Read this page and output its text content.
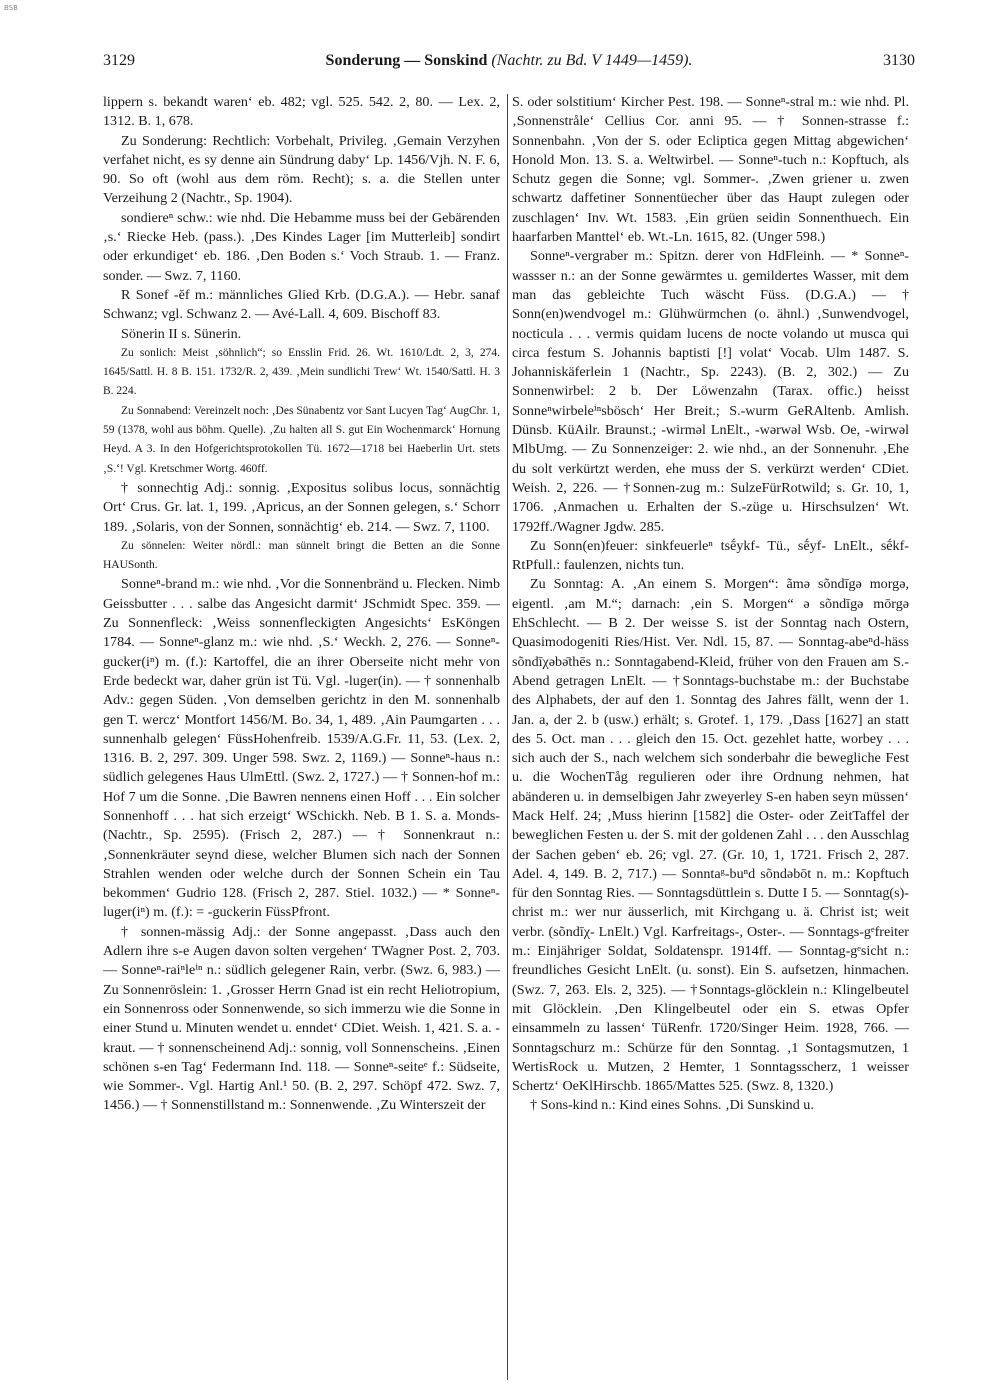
BSB
3129	Sonderung — Sonskind (Nachtr. zu Bd. V 1449—1459).	3130

lippern s. bekandt waren‘ eb. 482; vgl. 525. 542. 2, 80. — Lex. 2, 1312. B. 1, 678.

Zu Sonderung: Rechtlich: Vorbehalt, Privileg. ‚Gemain Verzyhen verfahet nicht, es sy denne ain Sündrung daby‘ Lp. 1456/Vjh. N. F. 6, 90. So oft (wohl aus dem röm. Recht); s. a. die Stellen unter Verzeihung 2 (Nachtr., Sp. 1904).

sondiereⁿ schw.: wie nhd. Die Hebamme muss bei der Gebärenden ‚s.‘ Riecke Heb. (pass.). ‚Des Kindes Lager [im Mutterleib] sondirt oder erkundiget‘ eb. 186. ‚Den Boden s.‘ Voch Straub. 1. — Franz. sonder. — Swz. 7, 1160.

R Sonef -ĕf m.: männliches Glied Krb. (D.G.A.). — Hebr. sanaf Schwanz; vgl. Schwanz 2. — Avé-Lall. 4, 609. Bischoff 83.

Sönerin II s. Sünerin.

Zu sonlich: Meist ‚söhnlich“; so Ensslin Frid. 26. Wt. 1610/Ldt. 2, 3, 274. 1645/Sattl. H. 8 B. 151. 1732/R. 2, 439. ‚Mein sundlichi Trew‘ Wt. 1540/Sattl. H. 3 B. 224.

Zu Sonnabend: Vereinzelt noch: ‚Des Sünabentz vor Sant Lucyen Tag‘ AugChr. 1, 59 (1378, wohl aus böhm. Quelle). ‚Zu halten all S. gut Ein Wochenmarck‘ Hornung Heyd. A 3. In den Hofgerichtsprotokollen Tü. 1672—1718 bei Haeberlin Urt. stets ‚S.‘! Vgl. Kretschmer Wortg. 460ff.

† sonnechtig Adj.: sonnig. ‚Expositus solibus locus, sonnächtig Ort‘ Crus. Gr. lat. 1, 199. ‚Apricus, an der Sonnen gelegen, s.‘ Schorr 189. ‚Solaris, von der Sonnen, sonnächtig‘ eb. 214. — Swz. 7, 1100.

Zu sönnelen: Weiter nördl.: man sünnelt bringt die Betten an die Sonne HAUSonth.

Sonneⁿ-brand m.: wie nhd. ‚Vor die Sonnenbränd u. Flecken. Nimb Geissbutter . . . salbe das Angesicht darmit‘ JSchmidt Spec. 359. — Zu Sonnenfleck: ‚Weiss sonnenfleckigten Angesichts‘ EsKöngen 1784. — Sonneⁿ-glanz m.: wie nhd. ‚S.‘ Weckh. 2, 276. — Sonneⁿ-gucker(iⁿ) m. (f.): Kartoffel, die an ihrer Oberseite nicht mehr von Erde bedeckt war, daher grün ist Tü. Vgl. -luger(in). — † sonnenhalb Adv.: gegen Süden. ‚Von demselben gerichtz in den M. sonnenhalb gen T. wercz‘ Montfort 1456/M. Bo. 34, 1, 489. ‚Ain Paumgarten . . . sunnenhalb gelegen‘ FüssHohenfreib. 1539/A.G.Fr. 11, 53. (Lex. 2, 1316. B. 2, 297. 309. Unger 598. Swz. 2, 1169.) — Sonneⁿ-haus n.: südlich gelegenes Haus UlmEttl. (Swz. 2, 1727.) — † Sonnen-hof m.: Hof 7 um die Sonne. ‚Die Bawren nennens einen Hoff . . . Ein solcher Sonnenhoff . . . hat sich erzeigt‘ WSchickh. Neb. B 1. S. a. Monds- (Nachtr., Sp. 2595). (Frisch 2, 287.) — † Sonnenkraut n.: ‚Sonnenkräuter seynd diese, welcher Blumen sich nach der Sonnen Strahlen wenden oder welche durch der Sonnen Schein ein Tau bekommen‘ Gudrio 128. (Frisch 2, 287. Stiel. 1032.) — * Sonneⁿ-luger(iⁿ) m. (f.): = -guckerin FüssPfront.

† sonnen-mässig Adj.: der Sonne angepasst. ‚Dass auch den Adlern ihre s-e Augen davon solten vergehen‘ TWagner Post. 2, 703. — Sonneⁿ-raiⁿleⁱⁿ n.: südlich gelegener Rain, verbr. (Swz. 6, 983.) — Zu Sonnenröslein: 1. ‚Grosser Herrn Gnad ist ein recht Heliotropium, ein Sonnenross oder Sonnenwende, so sich immerzu wie die Sonne in einer Stund u. Minuten wendet u. enndet‘ CDiet. Weish. 1, 421. S. a. -kraut. — † sonnenscheinend Adj.: sonnig, voll Sonnenscheins. ‚Einen schönen s-en Tag‘ Federmann Ind. 118. — Sonneⁿ-seiteᵉ f.: Südseite, wie Sommer-. Vgl. Hartig Anl.¹ 50. (B. 2, 297. Schöpf 472. Swz. 7, 1456.) — † Sonnenstillstand m.: Sonnenwende. ‚Zu Winterszeit der

S. oder solstitium‘ Kircher Pest. 198. — Sonneⁿ-stral m.: wie nhd. Pl. ‚Sonnenstråle‘ Cellius Cor. anni 95. — † Sonnen-strasse f.: Sonnenbahn. ‚Von der S. oder Ecliptica gegen Mittag abgewichen‘ Honold Mon. 13. S. a. Weltwirbel. — Sonneⁿ-tuch n.: Kopftuch, als Schutz gegen die Sonne; vgl. Sommer-. ‚Zwen griener u. zwen schwartz daffetiner Sonnentüecher über das Haupt zulegen oder zuschlagen‘ Inv. Wt. 1583. ‚Ein grüen seidin Sonnenthuech. Ein haarfarben Manttel‘ eb. Wt.-Ln. 1615, 82. (Unger 598.)

Sonneⁿ-vergraber m.: Spitzn. derer von HdFleinh. — * Sonneⁿ-wassser n.: an der Sonne gewärmtes u. gemildertes Wasser, mit dem man das gebleichte Tuch wäscht Füss. (D.G.A.) — † Sonn(en)wendvogel m.: Glühwürmchen (o. ähnl.) ‚Sunwendvogel, nocticula . . . vermis quidam lucens de nocte volando ut musca qui circa festum S. Johannis baptisti [!] volat‘ Vocab. Ulm 1487. S. Johanniskäferlein 1 (Nachtr., Sp. 2243). (B. 2, 302.) — Zu Sonnenwirbel: 2 b. Der Löwenzahn (Tarax. offic.) heisst Sonneⁿwirbeleⁱⁿsbösch‘ Her Breit.; S.-wurm GeRAltenb. Amlish. Dünsb. KüAilr. Braunst.; -wirməl LnElt., -wərwəl Wsb. Oe, -wirwəl MlbUmg. — Zu Sonnenzeiger: 2. wie nhd., an der Sonnenuhr. ‚Ehe du solt verkürtzt werden, ehe muss der S. verkürzt werden‘ CDiet. Weish. 2, 226. — †Sonnen-zug m.: SulzeFürRotwild; s. Gr. 10, 1, 1706. ‚Anmachen u. Erhalten der S.-züge u. Hirschsulzen‘ Wt. 1792ff./Wagner Jgdw. 285.

Zu Sonn(en)feuer: sinkfeuerleⁿ tsḗykf- Tü., sḗyf- LnElt., sḗkf- RtPfull.: faulenzen, nichts tun.

Zu Sonntag: A. ‚An einem S. Morgen“: ãmə sõndīgə morgə, eigentl. ‚am M.“; darnach: ‚ein S. Morgen“ ə sõndīgə mōrgə EhSchlecht. — B 2. Der weisse S. ist der Sonntag nach Ostern, Quasimodogeniti Ries/Hist. Ver. Ndl. 15, 87. — Sonntag-abeⁿd-häss sõndīχəbə̄thēs n.: Sonntagabend-Kleid, früher von den Frauen am S.-Abend getragen LnElt. — †Sonntags-buchstabe m.: der Buchstabe des Alphabets, der auf den 1. Sonntag des Jahres fällt, wenn der 1. Jan. a, der 2. b (usw.) erhält; s. Grotef. 1, 179. ‚Dass [1627] an statt des 5. Oct. man . . . gleich den 15. Oct. gezehlet hatte, worbey . . . sich auch der S., nach welchem sich sonderbahr die bewegliche Fest u. die WochenTåg regulieren oder ihre Ordnung nehmen, hat abänderen u. in demselbigen Jahr zweyerley S-en haben seyn müssen‘ Mack Helf. 24; ‚Muss hierinn [1582] die Oster- oder ZeitTaffel der beweglichen Festen u. der S. mit der goldenen Zahl . . . den Ausschlag der Sachen geben‘ eb. 26; vgl. 27. (Gr. 10, 1, 1721. Frisch 2, 287. Adel. 4, 149. B. 2, 717.) — Sonntaᵍ-buⁿd sõndəbōt n. m.: Kopftuch für den Sonntag Ries. — Sonntagsdüttlein s. Dutte I 5. — Sonntag(s)-christ m.: wer nur äusserlich, mit Kirchgang u. ä. Christ ist; weit verbr. (sõndīχ- LnElt.) Vgl. Karfreitags-, Oster-. — Sonntags-gᵉfreiter m.: Einjähriger Soldat, Soldatenspr. 1914ff. — Sonntag-gᵉsicht n.: freundliches Gesicht LnElt. (u. sonst). Ein S. aufsetzen, hinmachen. (Swz. 7, 263. Els. 2, 325). — †Sonntags-glöcklein n.: Klingelbeutel mit Glöcklein. ‚Den Klingelbeutel oder ein S. etwas Opfer einsammeln zu lassen‘ TüRenfr. 1720/Singer Heim. 1928, 766. — Sonntagschurz m.: Schürze für den Sonntag. ‚1 Sontagsmutzen, 1 WertisRock u. Mutzen, 2 Hemter, 1 Sonntagsscherz, 1 weisser Schertz‘ OeKlHirschb. 1865/Mattes 525. (Swz. 8, 1320.)

† Sons-kind n.: Kind eines Sohns. ‚Di Sunskind u.
